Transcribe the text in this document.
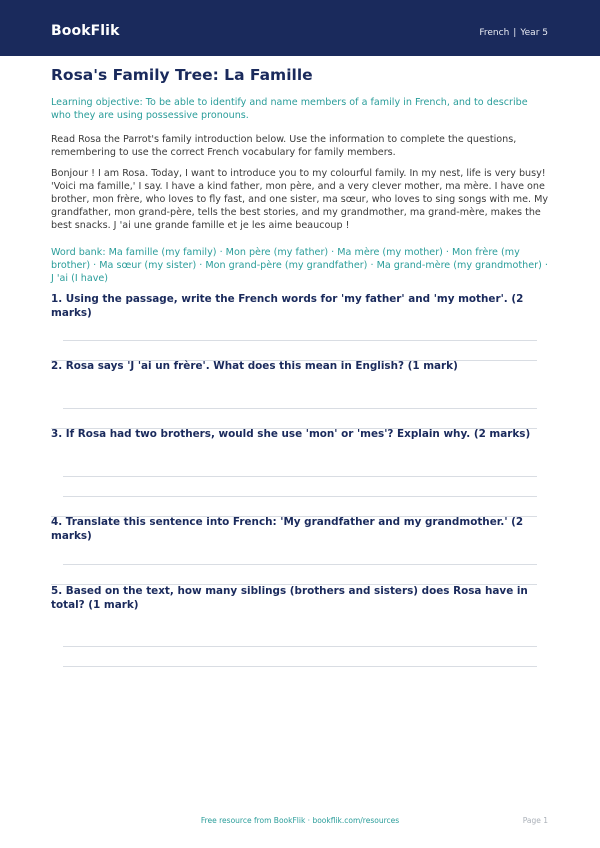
BookFlik	French | Year 5
Rosa's Family Tree: La Famille
Learning objective: To be able to identify and name members of a family in French, and to describe who they are using possessive pronouns.
Read Rosa the Parrot's family introduction below. Use the information to complete the questions, remembering to use the correct French vocabulary for family members.
Bonjour ! I am Rosa. Today, I want to introduce you to my colourful family. In my nest, life is very busy! 'Voici ma famille,' I say. I have a kind father, mon père, and a very clever mother, ma mère. I have one brother, mon frère, who loves to fly fast, and one sister, ma sœur, who loves to sing songs with me. My grandfather, mon grand-père, tells the best stories, and my grandmother, ma grand-mère, makes the best snacks. J 'ai une grande famille et je les aime beaucoup !
Word bank: Ma famille (my family) · Mon père (my father) · Ma mère (my mother) · Mon frère (my brother) · Ma sœur (my sister) · Mon grand-père (my grandfather) · Ma grand-mère (my grandmother) · J 'ai (I have)
1. Using the passage, write the French words for 'my father' and 'my mother'. (2 marks)
2. Rosa says 'J 'ai un frère'. What does this mean in English? (1 mark)
3. If Rosa had two brothers, would she use 'mon' or 'mes'? Explain why. (2 marks)
4. Translate this sentence into French: 'My grandfather and my grandmother.' (2 marks)
5. Based on the text, how many siblings (brothers and sisters) does Rosa have in total? (1 mark)
Free resource from BookFlik · bookflik.com/resources	Page 1
